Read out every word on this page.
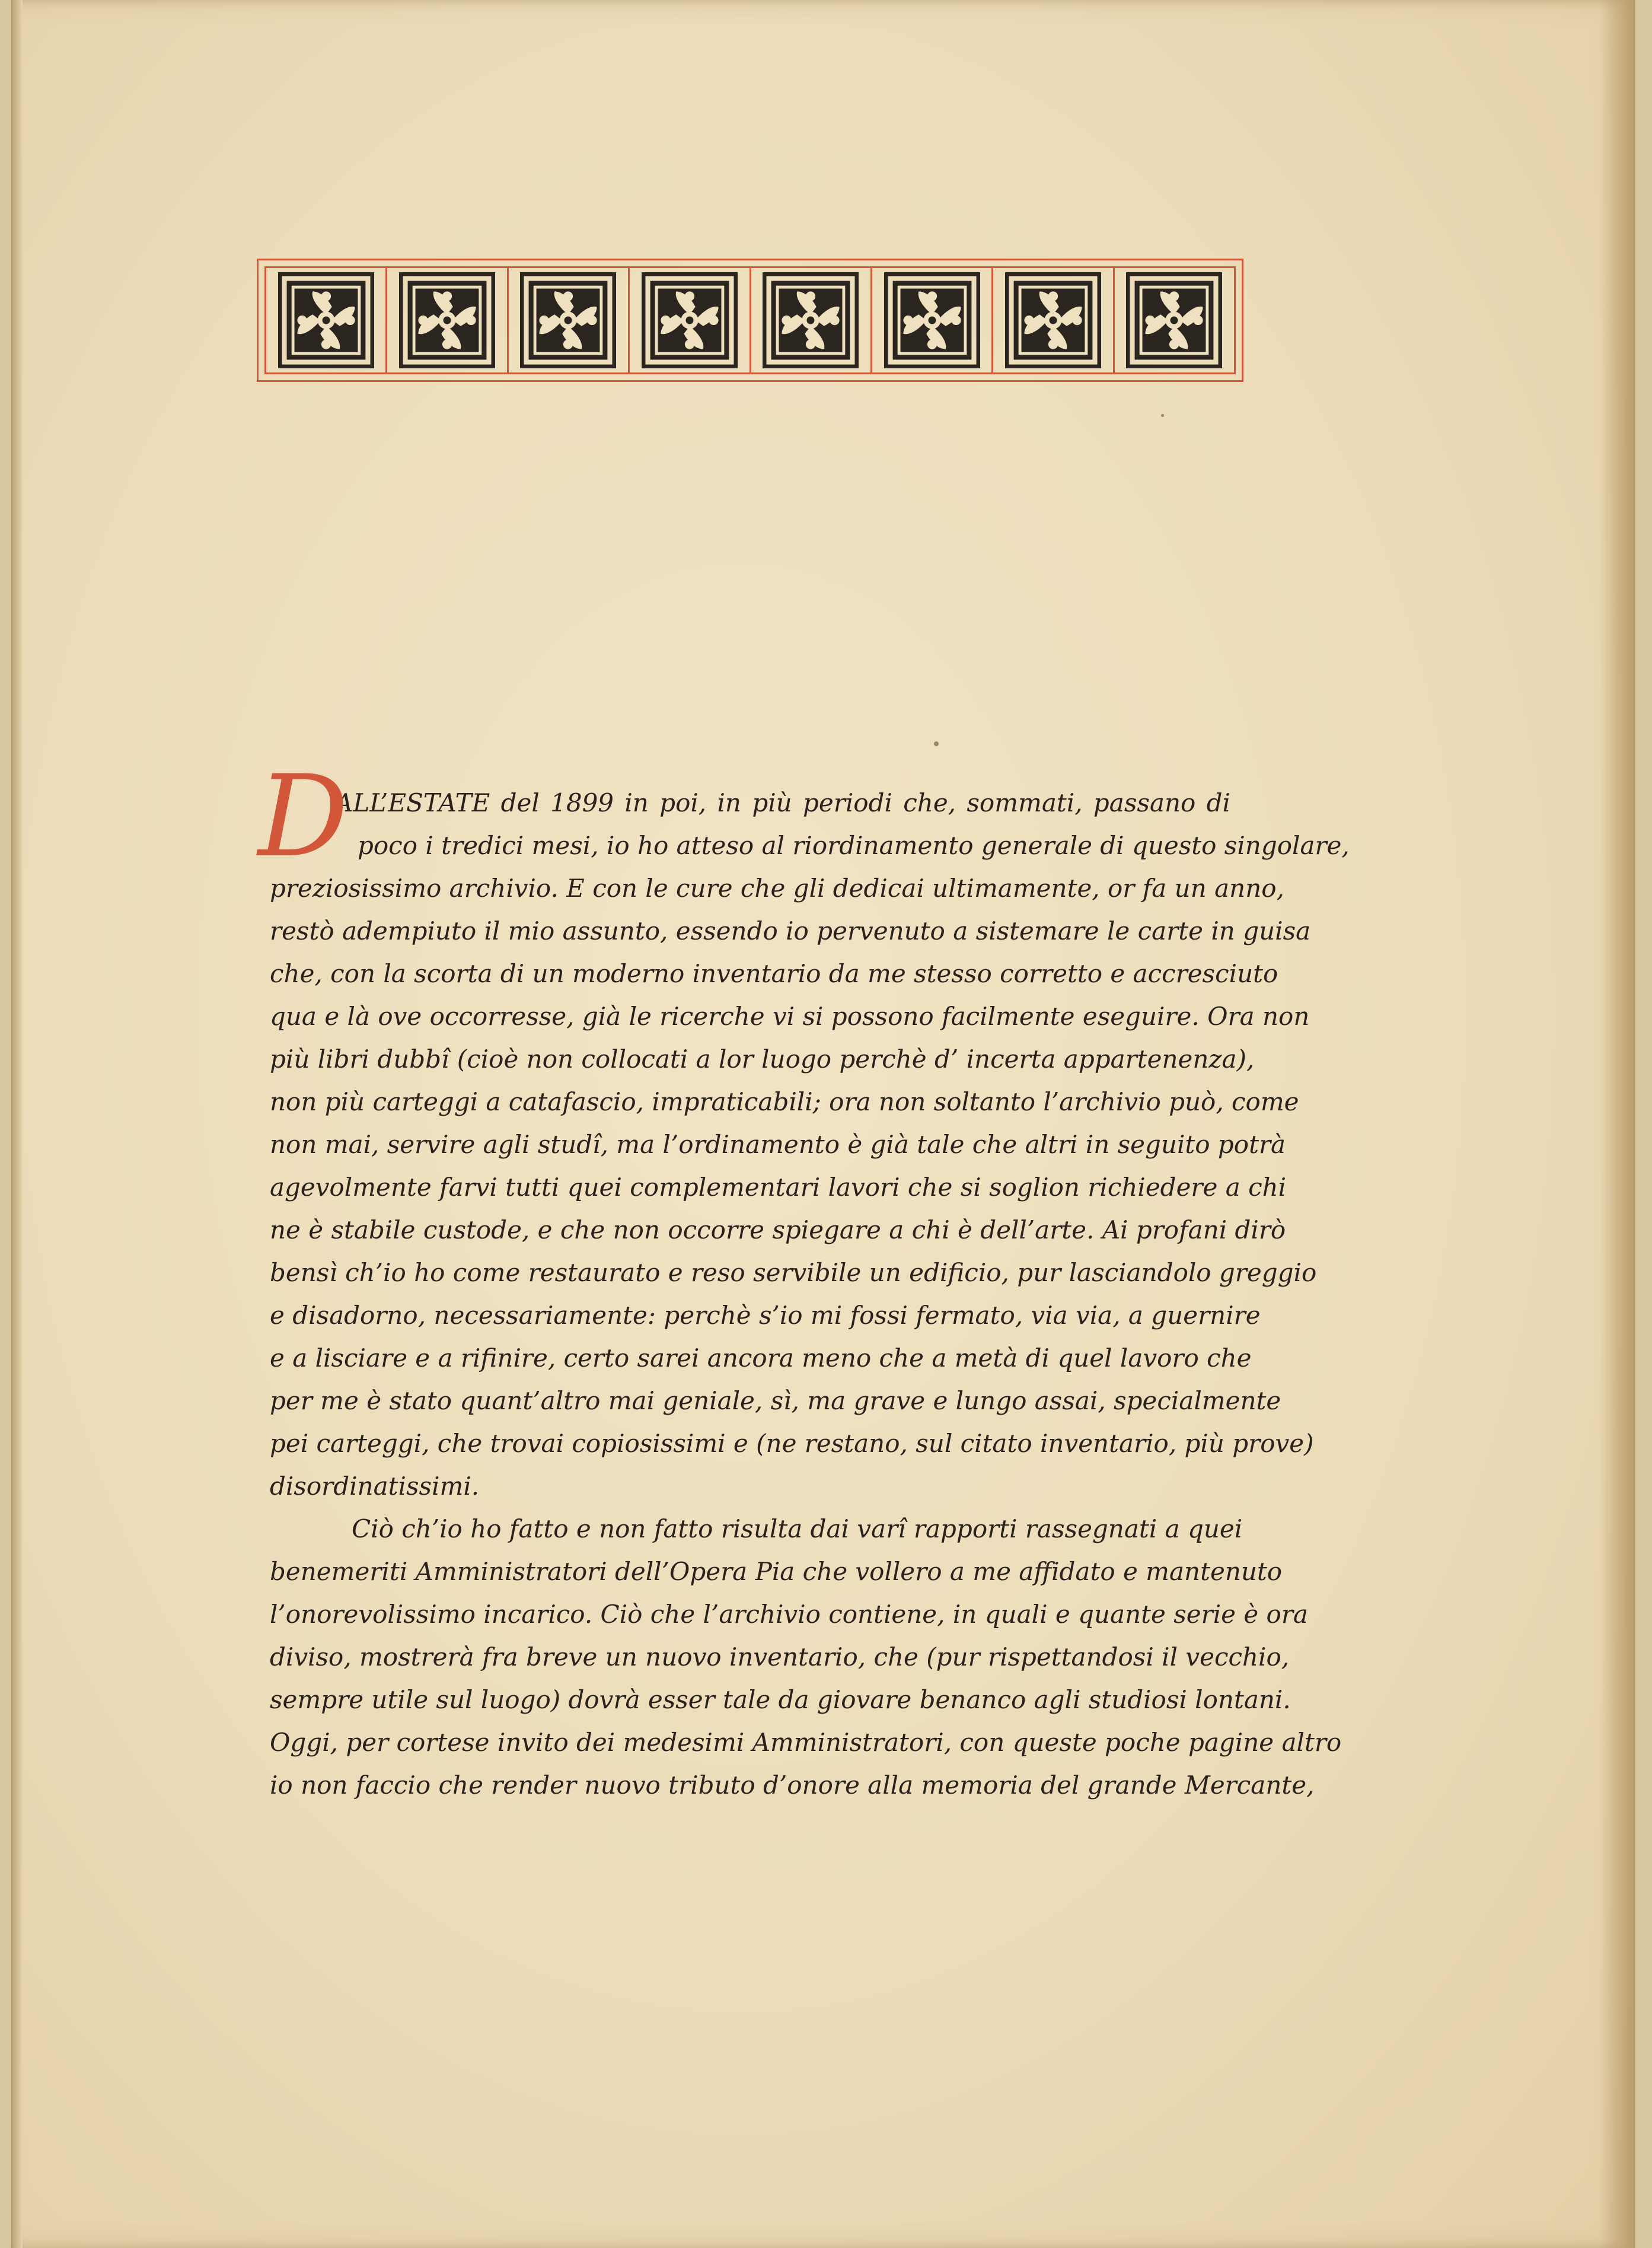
D
ALL’ESTATE del 1899 in poi, in più periodi che, sommati, passano di
poco i tredici mesi, io ho atteso al riordinamento generale di questo singolare,
preziosissimo archivio. E con le cure che gli dedicai ultimamente, or fa un anno,
restò adempiuto il mio assunto, essendo io pervenuto a sistemare le carte in guisa
che, con la scorta di un moderno inventario da me stesso corretto e accresciuto
qua e là ove occorresse, già le ricerche vi si possono facilmente eseguire. Ora non
più libri dubbî (cioè non collocati a lor luogo perchè d’ incerta appartenenza),
non più carteggi a catafascio, impraticabili; ora non soltanto l’archivio può, come
non mai, servire agli studî, ma l’ordinamento è già tale che altri in seguito potrà
agevolmente farvi tutti quei complementari lavori che si soglion richiedere a chi
ne è stabile custode, e che non occorre spiegare a chi è dell’arte. Ai profani dirò
bensì ch’io ho come restaurato e reso servibile un edificio, pur lasciandolo greggio
e disadorno, necessariamente: perchè s’io mi fossi fermato, via via, a guernire
e a lisciare e a rifinire, certo sarei ancora meno che a metà di quel lavoro che
per me è stato quant’altro mai geniale, sì, ma grave e lungo assai, specialmente
pei carteggi, che trovai copiosissimi e (ne restano, sul citato inventario, più prove)
disordinatissimi.
Ciò ch’io ho fatto e non fatto risulta dai varî rapporti rassegnati a quei
benemeriti Amministratori dell’Opera Pia che vollero a me affidato e mantenuto
l’onorevolissimo incarico. Ciò che l’archivio contiene, in quali e quante serie è ora
diviso, mostrerà fra breve un nuovo inventario, che (pur rispettandosi il vecchio,
sempre utile sul luogo) dovrà esser tale da giovare benanco agli studiosi lontani.
Oggi, per cortese invito dei medesimi Amministratori, con queste poche pagine altro
io non faccio che render nuovo tributo d’onore alla memoria del grande Mercante,
